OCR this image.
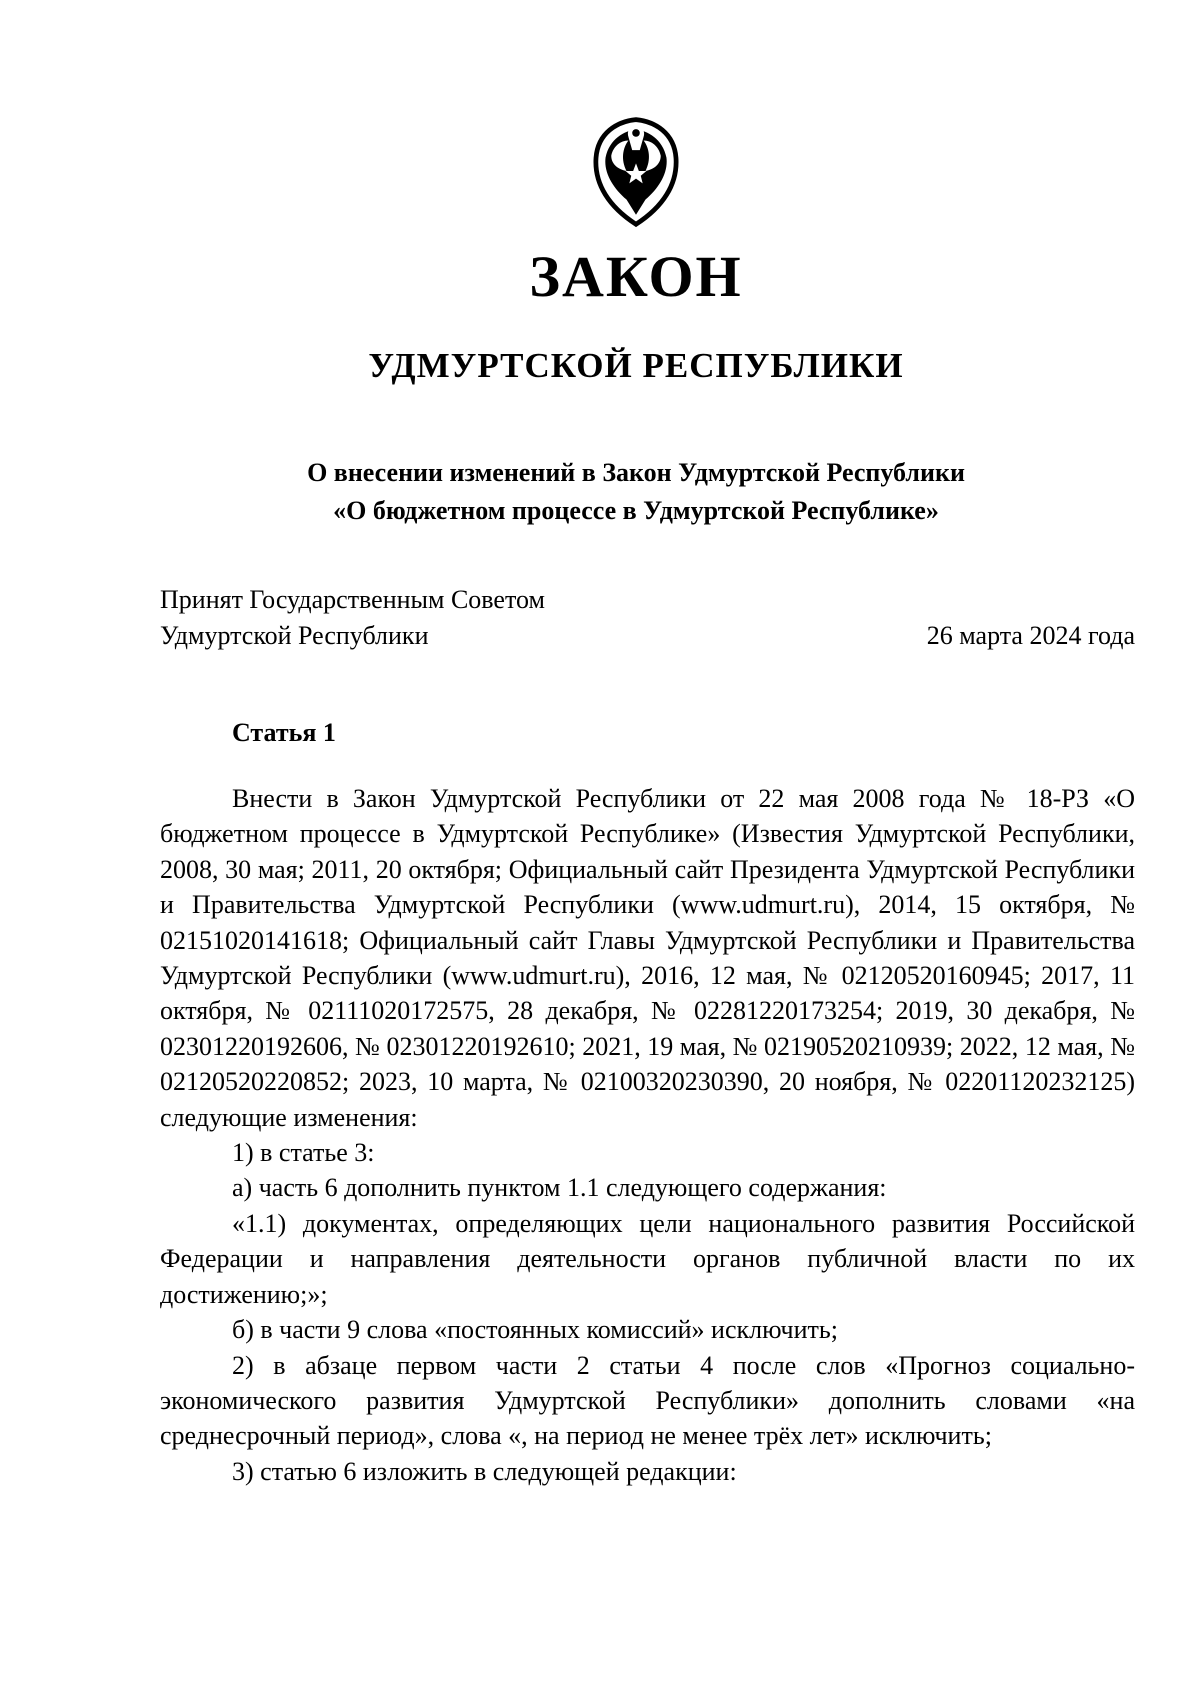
ЗАКОН
УДМУРТСКОЙ РЕСПУБЛИКИ
О внесении изменений в Закон Удмуртской Республики
«О бюджетном процессе в Удмуртской Республике»
Принят Государственным Советом
Удмуртской Республики	26 марта 2024 года
Статья 1

Внести в Закон Удмуртской Республики от 22 мая 2008 года № 18-РЗ «О бюджетном процессе в Удмуртской Республике» (Известия Удмуртской Республики, 2008, 30 мая; 2011, 20 октября; Официальный сайт Президента Удмуртской Республики и Правительства Удмуртской Республики (www.udmurt.ru), 2014, 15 октября, № 02151020141618; Официальный сайт Главы Удмуртской Республики и Правительства Удмуртской Республики (www.udmurt.ru), 2016, 12 мая, № 02120520160945; 2017, 11 октября, № 02111020172575, 28 декабря, № 02281220173254; 2019, 30 декабря, № 02301220192606, № 02301220192610; 2021, 19 мая, № 02190520210939; 2022, 12 мая, № 02120520220852; 2023, 10 марта, № 02100320230390, 20 ноября, № 02201120232125) следующие изменения:

1) в статье 3:

а) часть 6 дополнить пунктом 1.1 следующего содержания:

«1.1) документах, определяющих цели национального развития Российской Федерации и направления деятельности органов публичной власти по их достижению;»;

б) в части 9 слова «постоянных комиссий» исключить;

2) в абзаце первом части 2 статьи 4 после слов «Прогноз социально-экономического развития Удмуртской Республики» дополнить словами «на среднесрочный период», слова «, на период не менее трёх лет» исключить;

3) статью 6 изложить в следующей редакции:
